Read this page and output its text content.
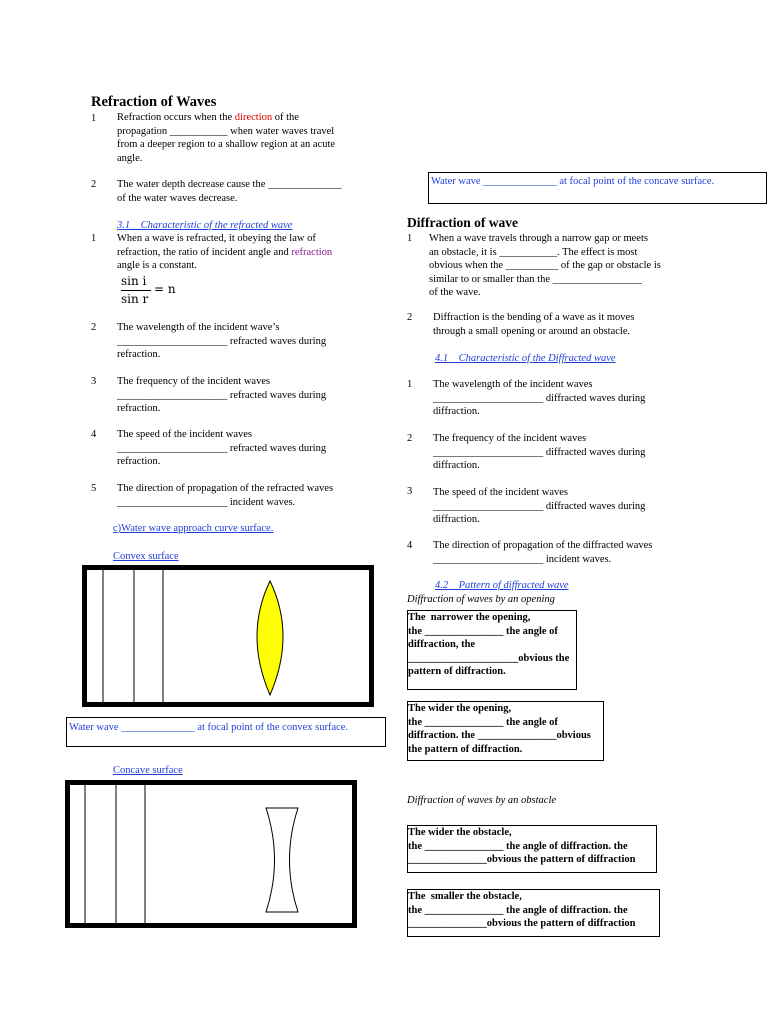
Refraction of Waves
1 Refraction occurs when the direction of the
propagation ___________ when water waves travel
from a deeper region to a shallow region at an acute
angle.
2 The water depth decrease cause the ______________
of the water waves decrease.
3.1    Characteristic of the refracted wave
1 When a wave is refracted, it obeying the law of
refraction, the ratio of incident angle and refraction
angle is a constant.
sin i
sin r
= n
2 The wavelength of the incident wave’s
_____________________ refracted waves during
refraction.
3 The frequency of the incident waves
_____________________ refracted waves during
refraction.
4 The speed of the incident waves
_____________________ refracted waves during
refraction.
5 The direction of propagation of the refracted waves
_____________________ incident waves.
c)Water wave approach curve surface.
Convex surface
Water wave ______________ at focal point of the convex surface.
Concave surface
Water wave ______________ at focal point of the concave surface.
Diffraction of wave
1 When a wave travels through a narrow gap or meets
an obstacle, it is ___________. The effect is most
obvious when the __________ of the gap or obstacle is
similar to or smaller than the _________________
of the wave.
2 Diffraction is the bending of a wave as it moves
through a small opening or around an obstacle.
4.1    Characteristic of the Diffracted wave
1 The wavelength of the incident waves
_____________________ diffracted waves during
diffraction.
2 The frequency of the incident waves
_____________________ diffracted waves during
diffraction.
3 The speed of the incident waves
_____________________ diffracted waves during
diffraction.
4 The direction of propagation of the diffracted waves
_____________________ incident waves.
4.2    Pattern of diffracted wave
Diffraction of waves by an opening
The  narrower the opening,
the _______________ the angle of
diffraction, the
_____________________obvious the
pattern of diffraction.
The wider the opening,
the _______________ the angle of
diffraction. the _______________obvious
the pattern of diffraction.
Diffraction of waves by an obstacle
The wider the obstacle,
the _______________ the angle of diffraction. the
_______________obvious the pattern of diffraction
The  smaller the obstacle,
the _______________ the angle of diffraction. the
_______________obvious the pattern of diffraction
